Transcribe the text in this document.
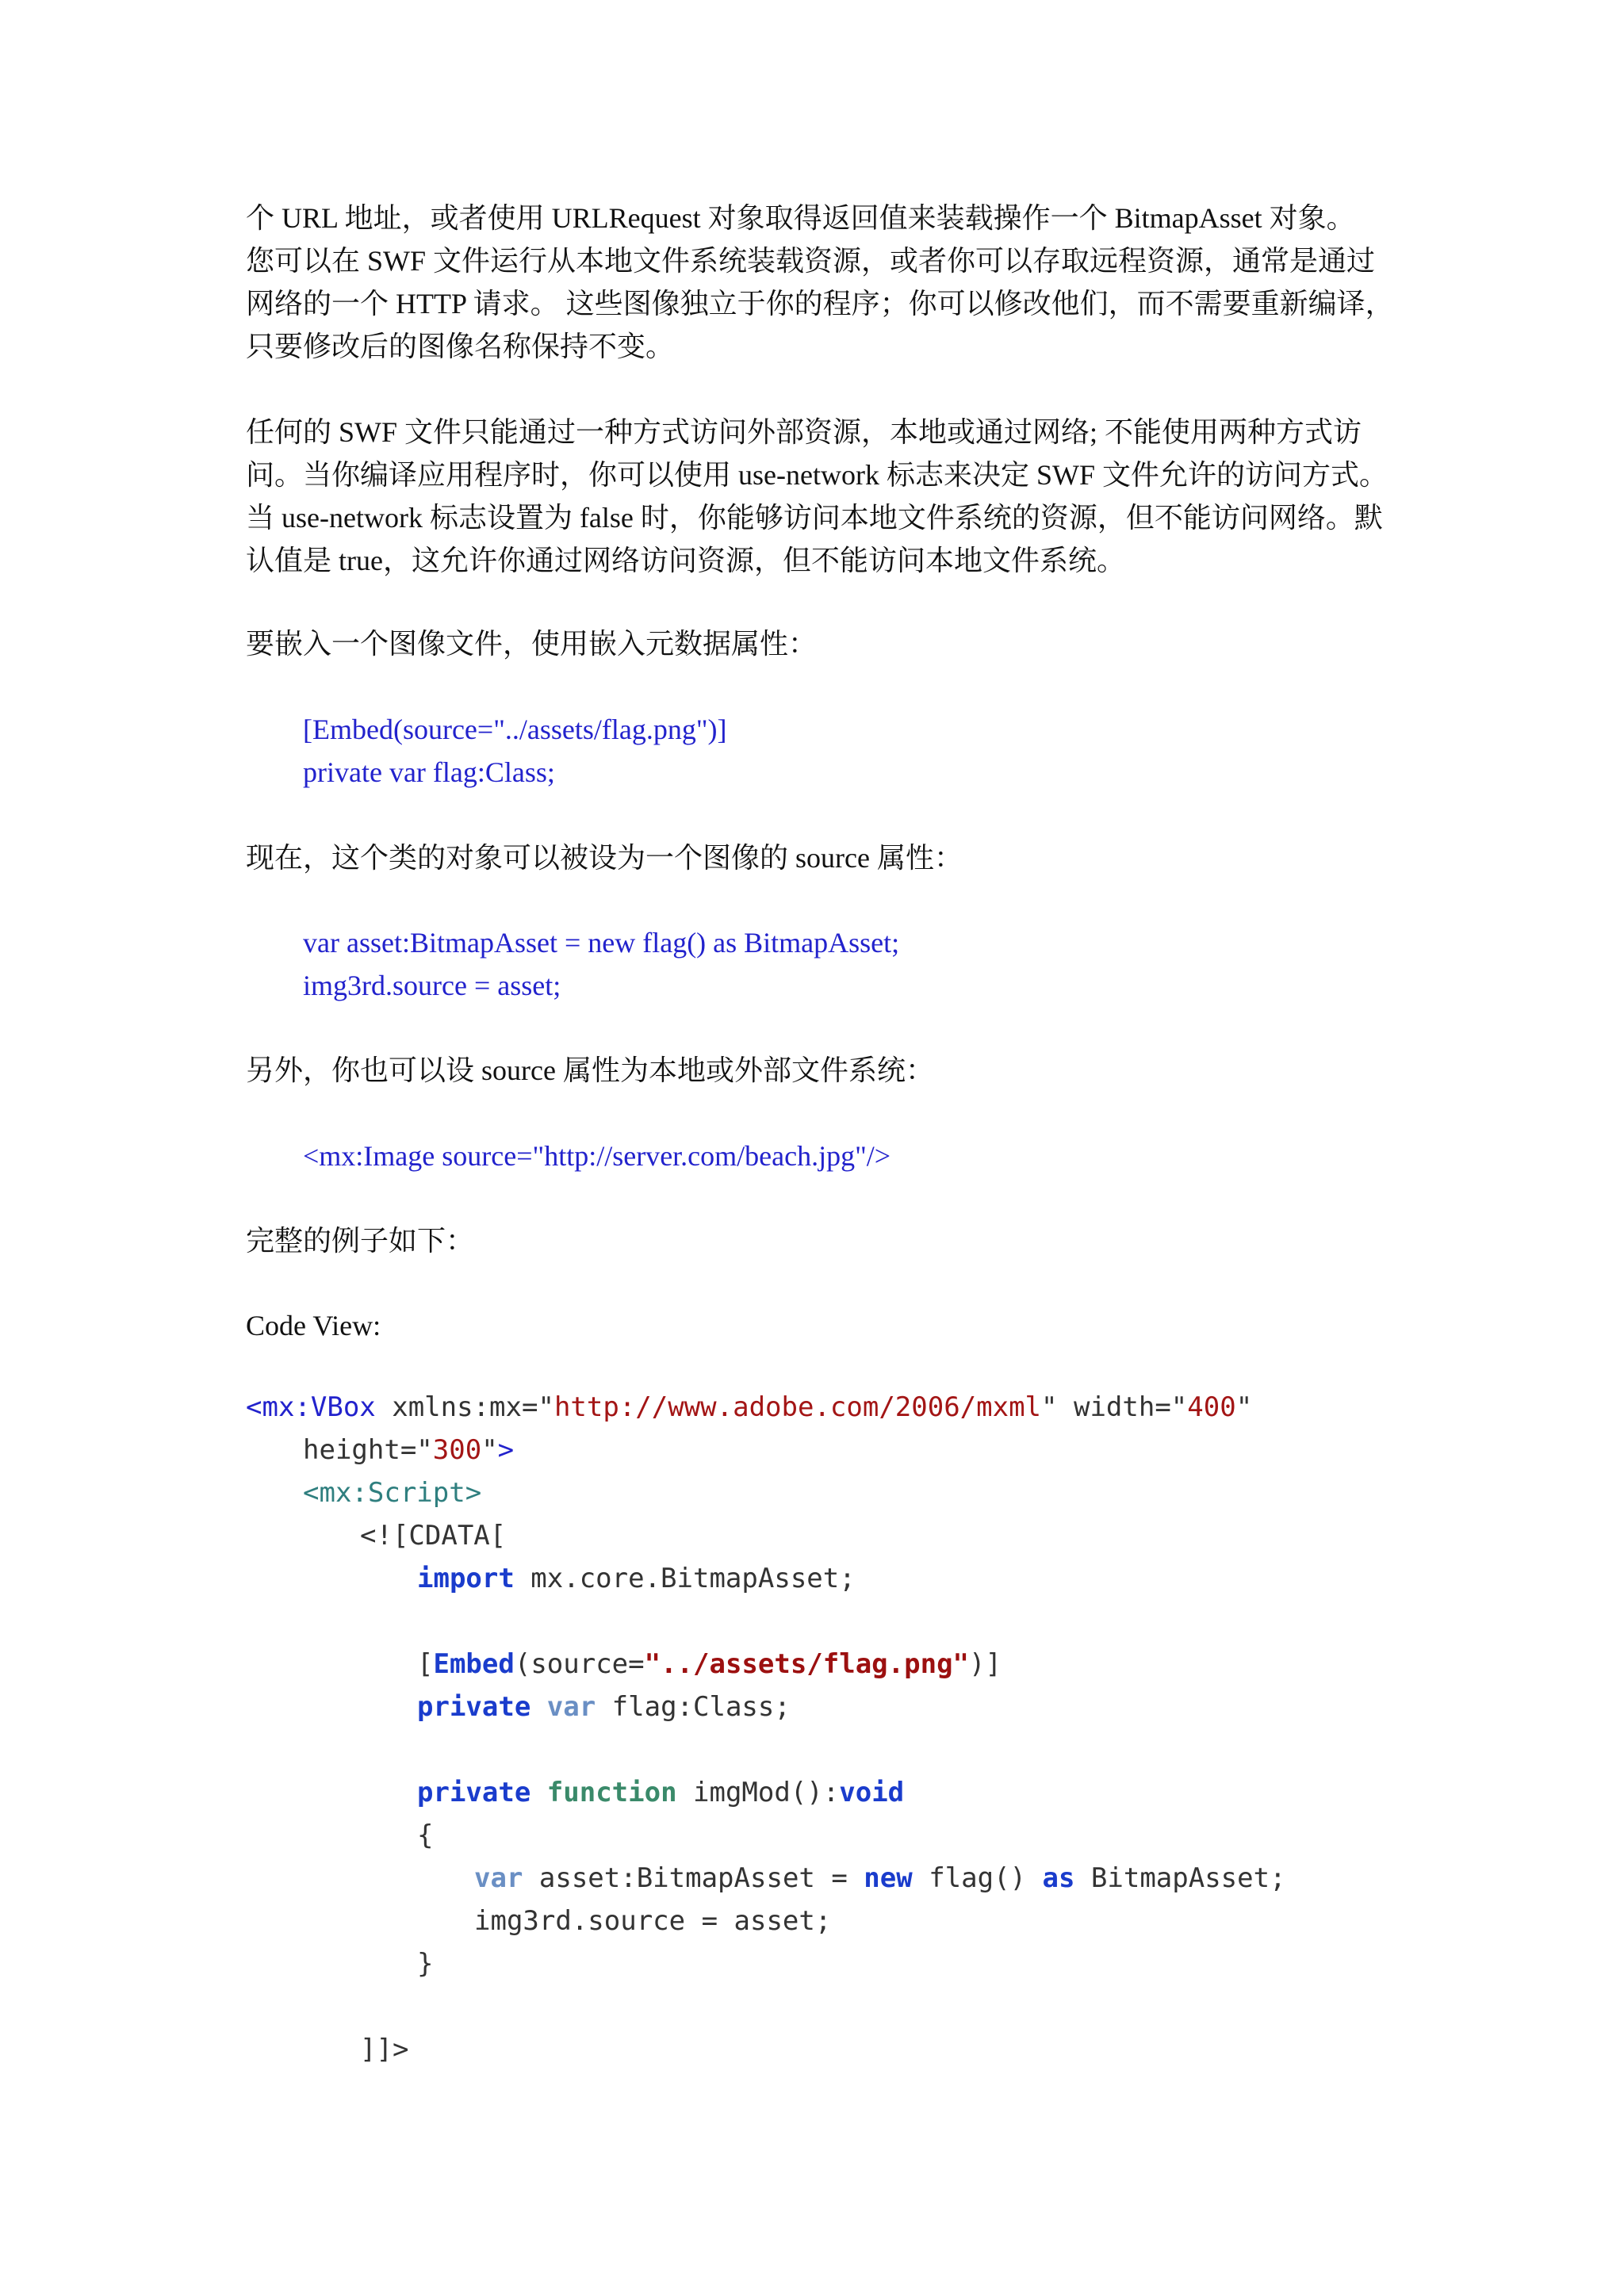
个 URL 地址，或者使用 URLRequest 对象取得返回值来装载操作一个 BitmapAsset 对象。
您可以在 SWF 文件运行从本地文件系统装载资源，或者你可以存取远程资源，通常是通过
网络的一个 HTTP 请求。 这些图像独立于你的程序；你可以修改他们，而不需要重新编译，
只要修改后的图像名称保持不变。
任何的 SWF 文件只能通过一种方式访问外部资源，本地或通过网络; 不能使用两种方式访
问。当你编译应用程序时，你可以使用 use-network 标志来决定 SWF 文件允许的访问方式。
当 use-network 标志设置为 false 时，你能够访问本地文件系统的资源，但不能访问网络。默
认值是 true，这允许你通过网络访问资源，但不能访问本地文件系统。
要嵌入一个图像文件，使用嵌入元数据属性：
[Embed(source="../assets/flag.png")]
private var flag:Class;
现在，这个类的对象可以被设为一个图像的 source 属性：
var asset:BitmapAsset = new flag() as BitmapAsset;
img3rd.source = asset;
另外，你也可以设 source 属性为本地或外部文件系统：
<mx:Image source="http://server.com/beach.jpg"/>
完整的例子如下：
Code View:
<mx:VBox xmlns:mx="http://www.adobe.com/2006/mxml" width="400"
height="300">
<mx:Script>
<![CDATA[
import mx.core.BitmapAsset;
[Embed(source="../assets/flag.png")]
private var flag:Class;
private function imgMod():void
{
var asset:BitmapAsset = new flag() as BitmapAsset;
img3rd.source = asset;
}
]]>
